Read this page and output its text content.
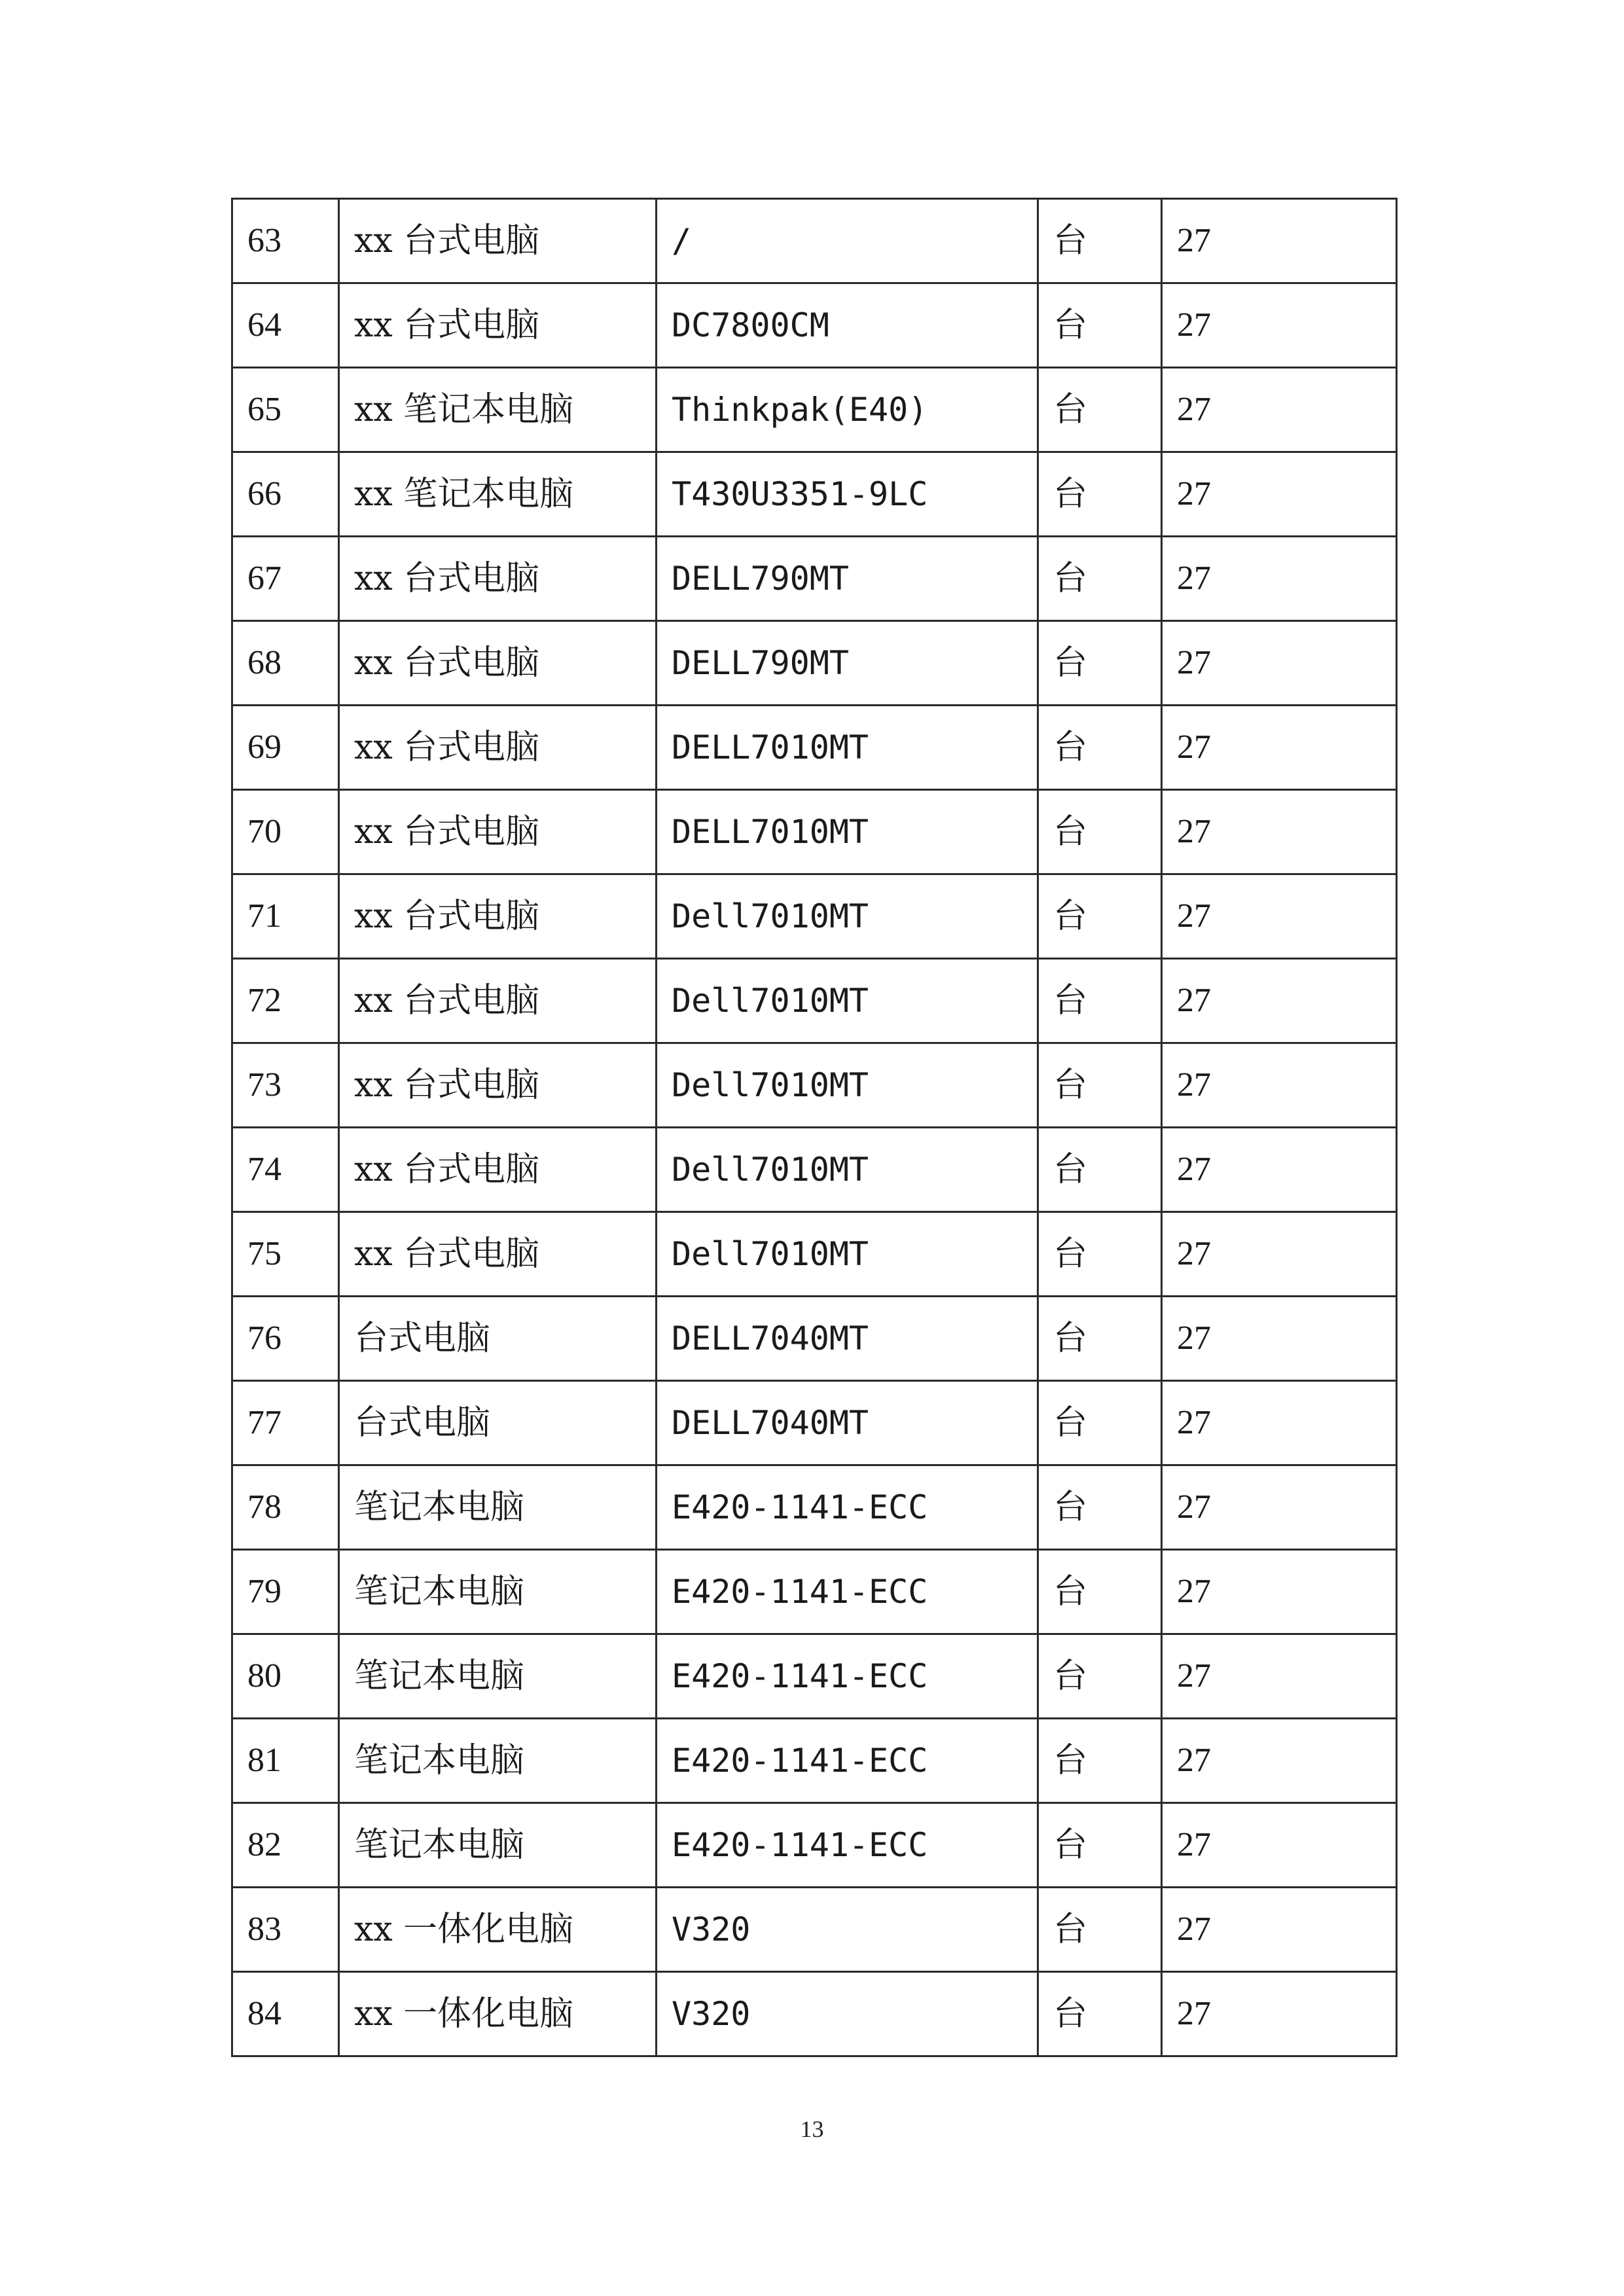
63	xx 台式电脑	/	台	27
64	xx 台式电脑	DC7800CM	台	27
65	xx 笔记本电脑	Thinkpak(E40)	台	27
66	xx 笔记本电脑	T430U3351-9LC	台	27
67	xx 台式电脑	DELL790MT	台	27
68	xx 台式电脑	DELL790MT	台	27
69	xx 台式电脑	DELL7010MT	台	27
70	xx 台式电脑	DELL7010MT	台	27
71	xx 台式电脑	Dell7010MT	台	27
72	xx 台式电脑	Dell7010MT	台	27
73	xx 台式电脑	Dell7010MT	台	27
74	xx 台式电脑	Dell7010MT	台	27
75	xx 台式电脑	Dell7010MT	台	27
76	台式电脑	DELL7040MT	台	27
77	台式电脑	DELL7040MT	台	27
78	笔记本电脑	E420-1141-ECC	台	27
79	笔记本电脑	E420-1141-ECC	台	27
80	笔记本电脑	E420-1141-ECC	台	27
81	笔记本电脑	E420-1141-ECC	台	27
82	笔记本电脑	E420-1141-ECC	台	27
83	xx 一体化电脑	V320	台	27
84	xx 一体化电脑	V320	台	27
13
